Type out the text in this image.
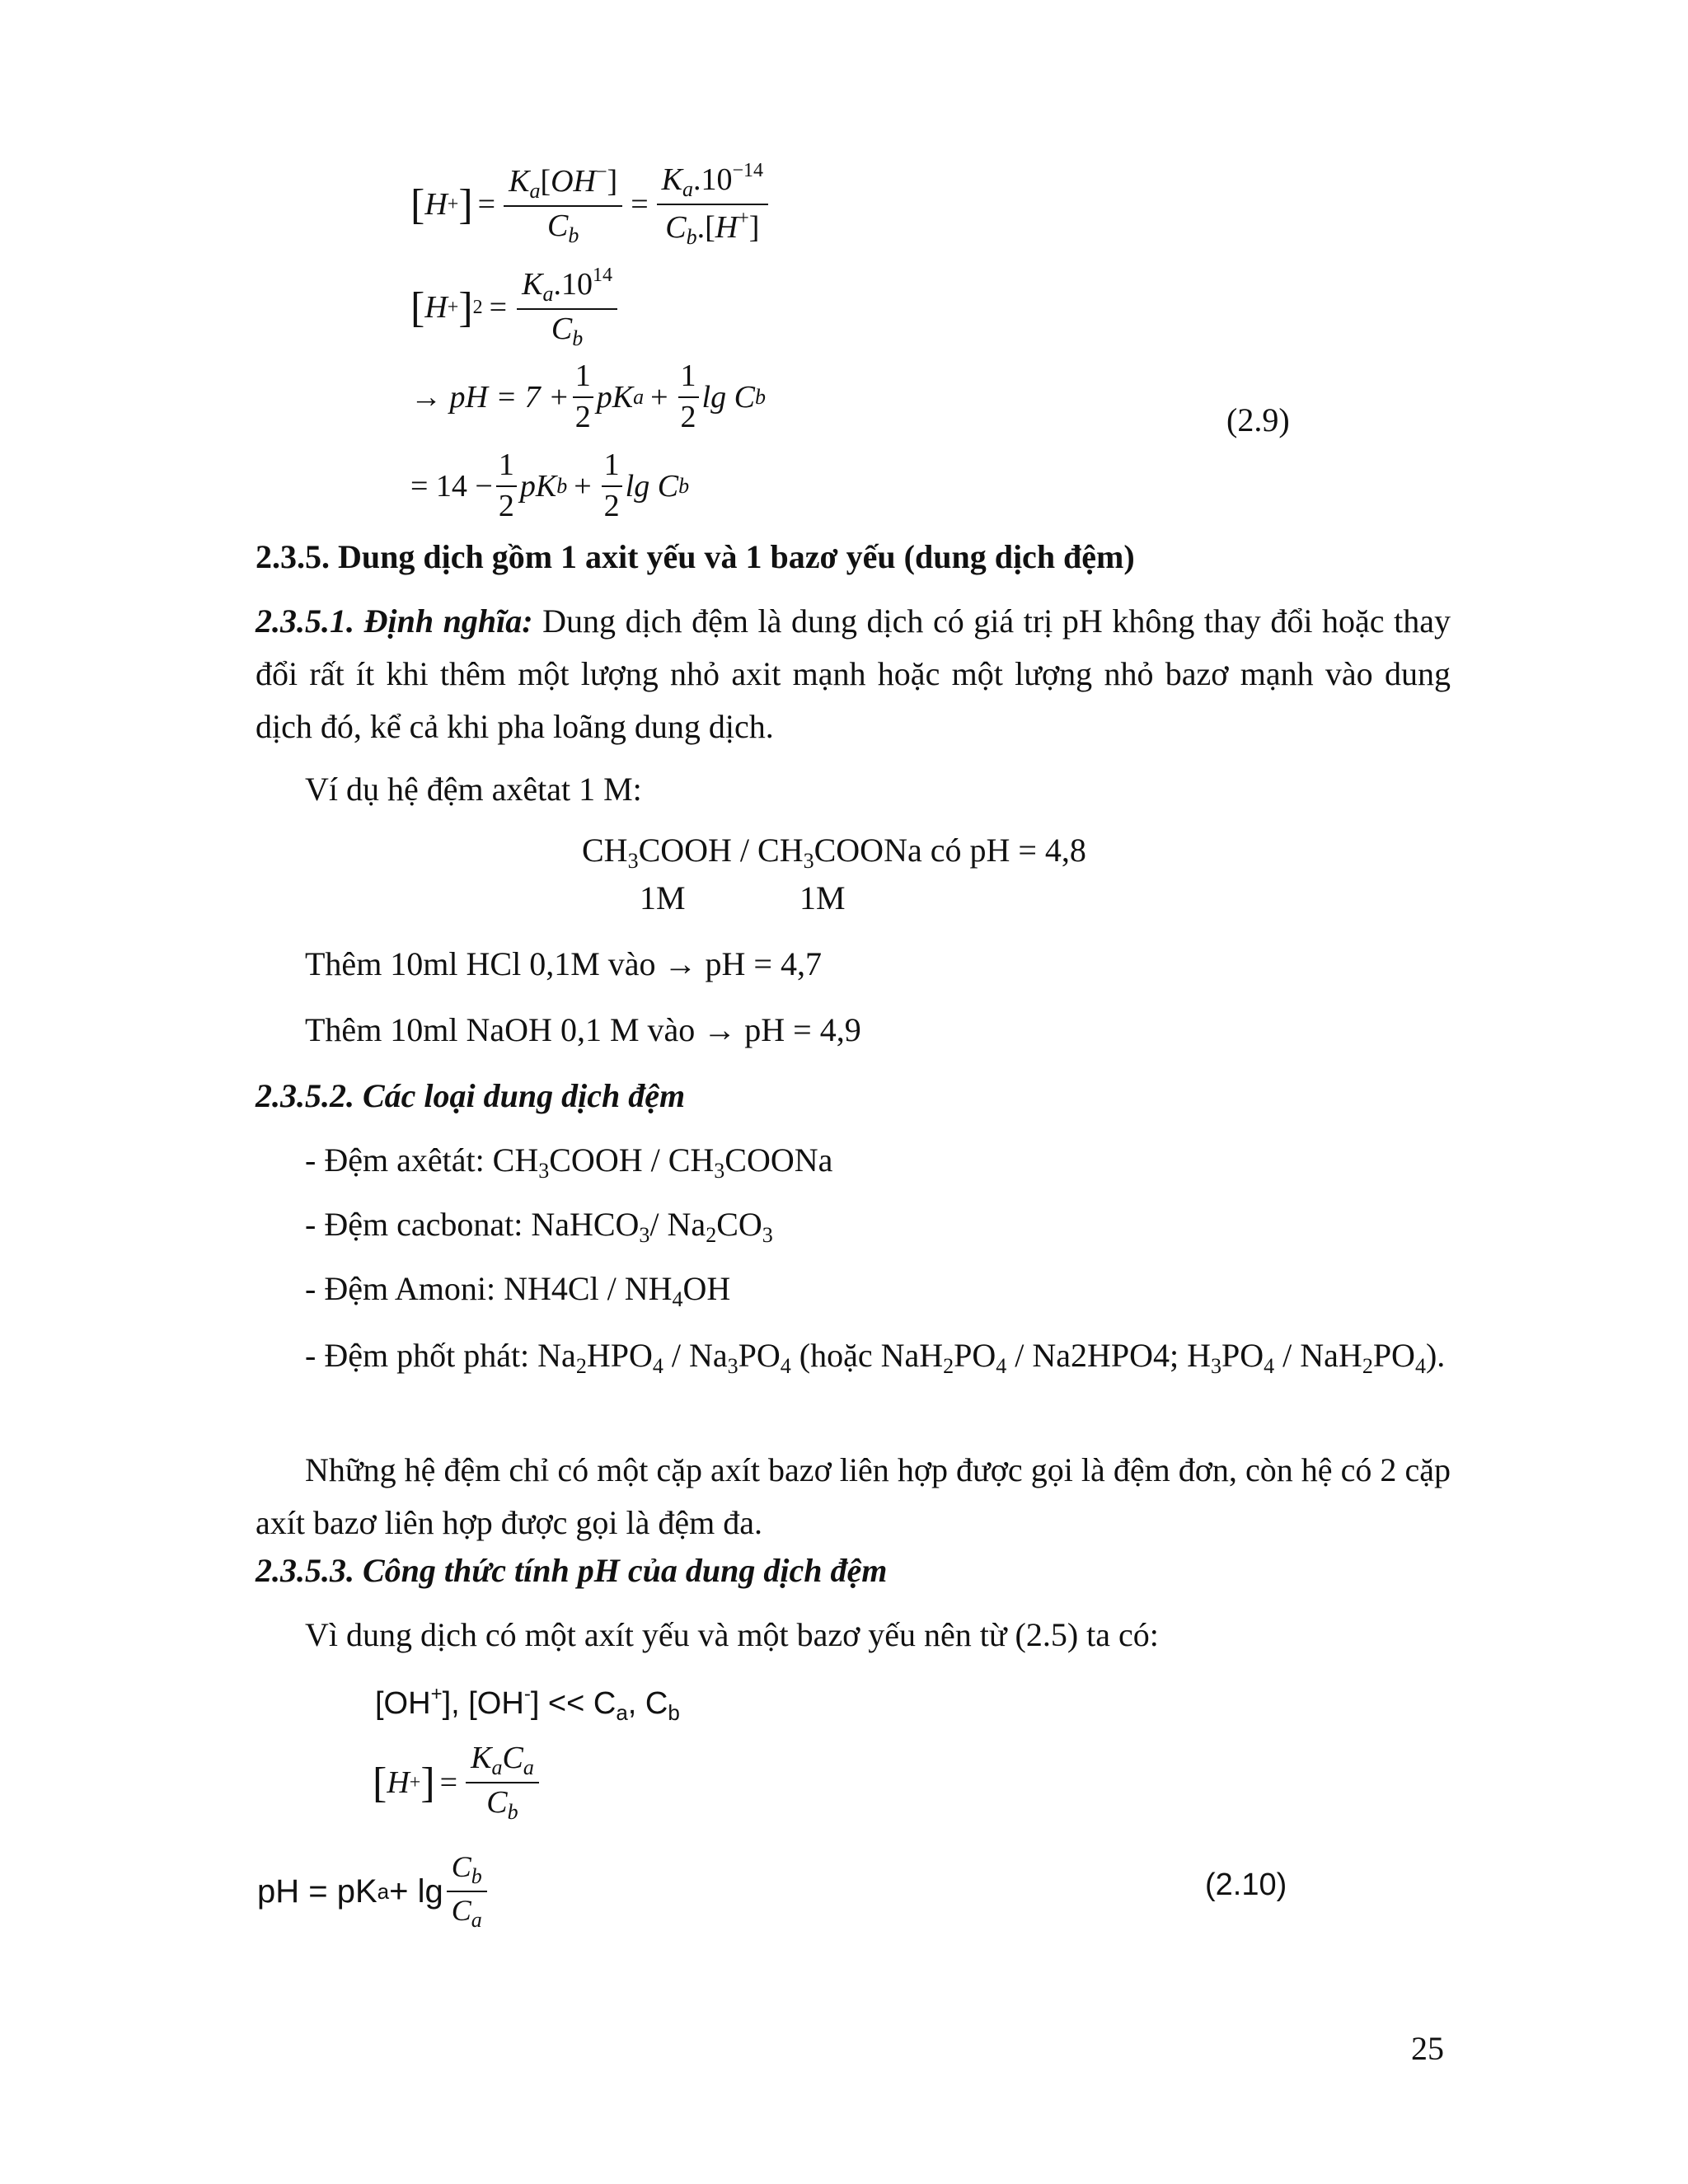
[ H + ] = $\frac{K_a[OH^-]}{C_b} = \frac{K_a.10^{-14}}{C_b.[H^+]}$
[ H + ] $2 = \frac{K_a.10^{14}}{C_b}$
→ pH = $7 + \frac{1}{2}$ pK $a + \frac{1}{2}$ lg C b
= $14 - \frac{1}{2}$ pK $b + \frac{1}{2}$ lg C b
(2.9)
2.3.5. Dung dịch gồm 1 axit yếu và 1 bazơ yếu (dung dịch đệm)
2.3.5.1. Định nghĩa: Dung dịch đệm là dung dịch có giá trị pH không thay đổi hoặc thay đổi rất ít khi thêm một lượng nhỏ axit mạnh hoặc một lượng nhỏ bazơ mạnh vào dung dịch đó, kể cả khi pha loãng dung dịch.
Ví dụ hệ đệm axêtat 1 M:
$CH_3COOH$ / $CH_3COONa$ có pH = 4,8
1M	1M
Thêm 10ml HCl 0,1M vào → pH = 4,7
Thêm 10ml NaOH 0,1 M vào → pH = 4,9
2.3.5.2. Các loại dung dịch đệm
- Đệm axêtát: $CH_3COOH$ / $CH_3COONa$
- Đệm cacbonat: NaHCO$_3$/ $Na_2CO_3$
- Đệm Amoni: $NH4Cl / NH_4OH$
- Đệm phốt phát: $Na_2HPO_4 / Na_3PO_4$ (hoặc $NaH_2PO_4 / Na2HPO4$; $H_3PO_4 / NaH_2PO_4$).
Những hệ đệm chỉ có một cặp axít bazơ liên hợp được gọi là đệm đơn, còn hệ có 2 cặp axít bazơ liên hợp được gọi là đệm đa.
2.3.5.3. Công thức tính pH của dung dịch đệm
Vì dung dịch có một axít yếu và một bazơ yếu nên từ (2.5) ta có:
[OH+], $[OH^-] << C_a$, $C_b$
[ H + ] = $\frac{K_aC_a}{C_b}$
pH = pK $a + \lg \frac{C_b}{C_a}$	(2.10)
25
